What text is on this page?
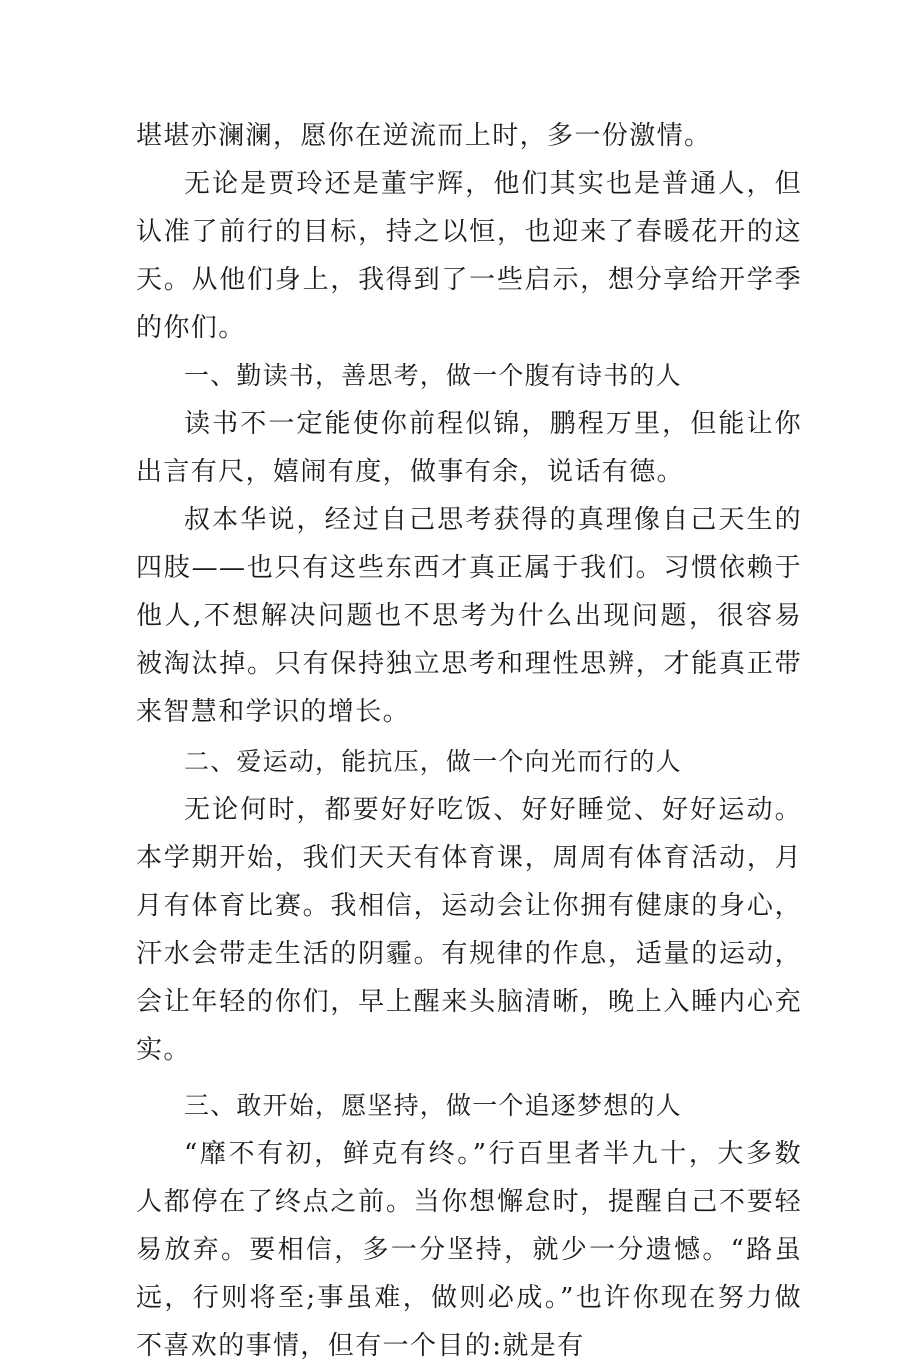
堪堪亦澜澜，愿你在逆流而上时，多一份激情。

无论是贾玲还是董宇辉，他们其实也是普通人，但认准了前行的目标，持之以恒，也迎来了春暖花开的这天。从他们身上，我得到了一些启示，想分享给开学季的你们。

一、勤读书，善思考，做一个腹有诗书的人

读书不一定能使你前程似锦，鹏程万里，但能让你出言有尺，嬉闹有度，做事有余，说话有德。

叔本华说，经过自己思考获得的真理像自己天生的四肢——也只有这些东西才真正属于我们。习惯依赖于他人,不想解决问题也不思考为什么出现问题，很容易被淘汰掉。只有保持独立思考和理性思辨，才能真正带来智慧和学识的增长。

二、爱运动，能抗压，做一个向光而行的人

无论何时，都要好好吃饭、好好睡觉、好好运动。本学期开始，我们天天有体育课，周周有体育活动，月月有体育比赛。我相信，运动会让你拥有健康的身心，汗水会带走生活的阴霾。有规律的作息，适量的运动，会让年轻的你们，早上醒来头脑清晰，晚上入睡内心充实。

三、敢开始，愿坚持，做一个追逐梦想的人

“靡不有初，鲜克有终。”行百里者半九十，大多数人都停在了终点之前。当你想懈怠时，提醒自己不要轻易放弃。要相信，多一分坚持，就少一分遗憾。“路虽远，行则将至;事虽难，做则必成。”也许你现在努力做不喜欢的事情，但有一个目的:就是有
